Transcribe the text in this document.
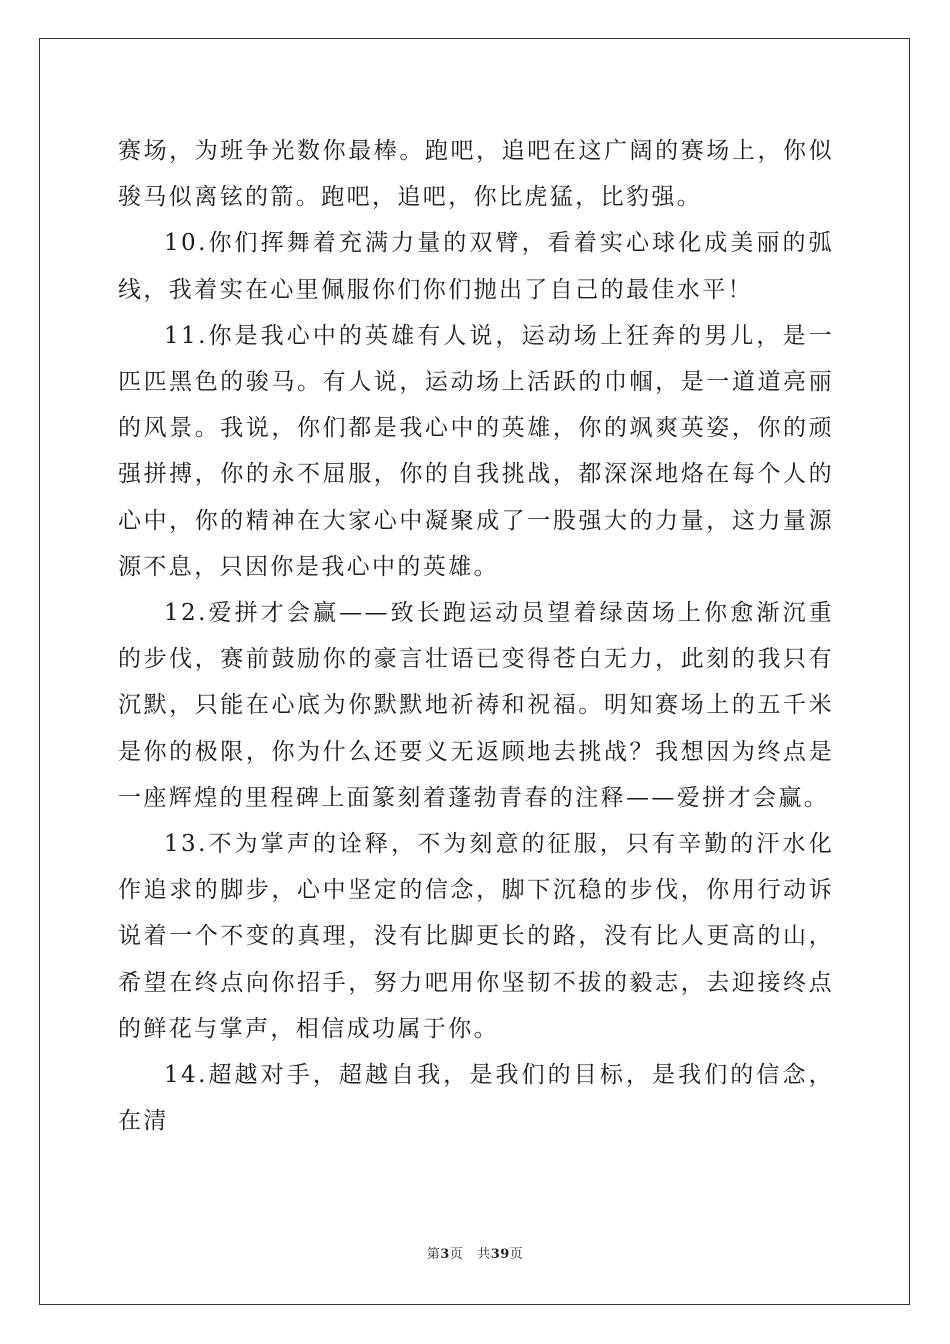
赛场，为班争光数你最棒。跑吧，追吧在这广阔的赛场上，你似骏马似离铉的箭。跑吧，追吧，你比虎猛，比豹强。

10.你们挥舞着充满力量的双臂，看着实心球化成美丽的弧线，我着实在心里佩服你们你们抛出了自己的最佳水平！

11.你是我心中的英雄有人说，运动场上狂奔的男儿，是一匹匹黑色的骏马。有人说，运动场上活跃的巾帼，是一道道亮丽的风景。我说，你们都是我心中的英雄，你的飒爽英姿，你的顽强拼搏，你的永不屈服，你的自我挑战，都深深地烙在每个人的心中，你的精神在大家心中凝聚成了一股强大的力量，这力量源源不息，只因你是我心中的英雄。

12.爱拼才会赢——致长跑运动员望着绿茵场上你愈渐沉重的步伐，赛前鼓励你的豪言壮语已变得苍白无力，此刻的我只有沉默，只能在心底为你默默地祈祷和祝福。明知赛场上的五千米是你的极限，你为什么还要义无返顾地去挑战？我想因为终点是一座辉煌的里程碑上面篆刻着蓬勃青春的注释——爱拼才会赢。

13.不为掌声的诠释，不为刻意的征服，只有辛勤的汗水化作追求的脚步，心中坚定的信念，脚下沉稳的步伐，你用行动诉说着一个不变的真理，没有比脚更长的路，没有比人更高的山，希望在终点向你招手，努力吧用你坚韧不拔的毅志，去迎接终点的鲜花与掌声，相信成功属于你。

14.超越对手，超越自我，是我们的目标，是我们的信念，在清

第3页 共39页
